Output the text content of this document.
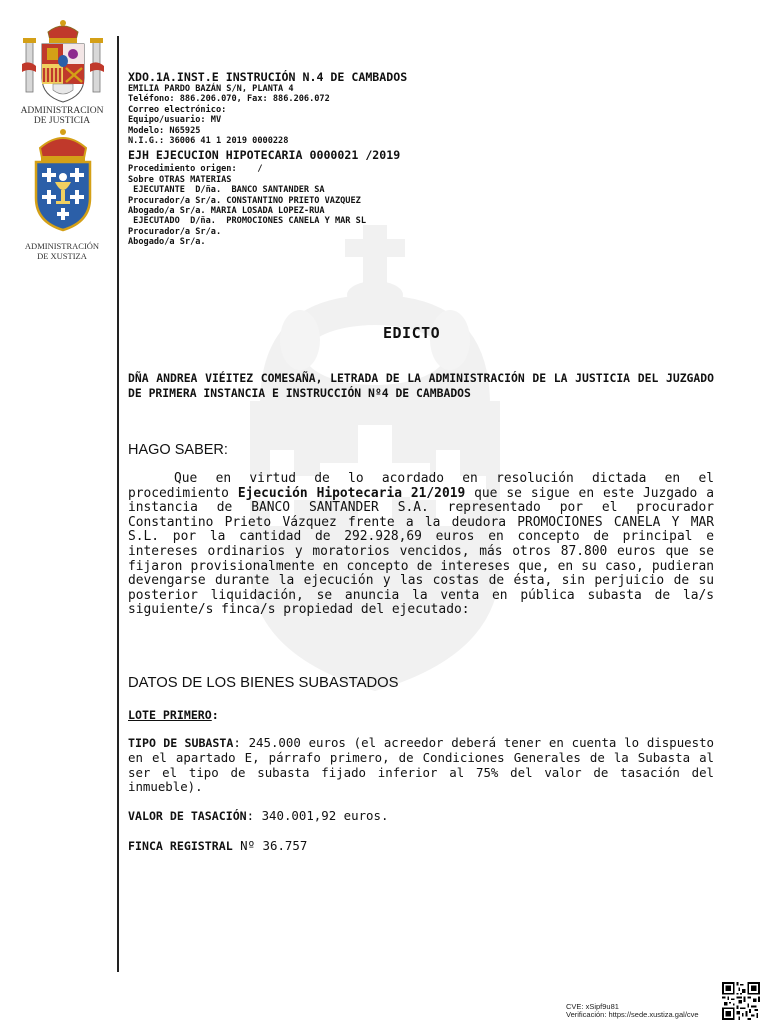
ADMINISTRACION
DE JUSTICIA
ADMINISTRACIÓN
DE XUSTIZA
XDO.1A.INST.E INSTRUCIÓN N.4 DE CAMBADOS
EMILIA PARDO BAZÁN S/N, PLANTA 4
Teléfono: 886.206.070, Fax: 886.206.072
Correo electrónico:
Equipo/usuario: MV
Modelo: N65925
N.I.G.: 36006 41 1 2019 0000228
EJH EJECUCION HIPOTECARIA 0000021 /2019
Procedimiento origen:    /
Sobre OTRAS MATERIAS
EJECUTANTE  D/ña.  BANCO SANTANDER SA
Procurador/a Sr/a. CONSTANTINO PRIETO VAZQUEZ
Abogado/a Sr/a. MARIA LOSADA LOPEZ-RUA
EJECUTADO  D/ña.  PROMOCIONES CANELA Y MAR SL
Procurador/a Sr/a.
Abogado/a Sr/a.
EDICTO
DÑA ANDREA VIÉITEZ COMESAÑA, LETRADA DE LA ADMINISTRACIÓN DE LA JUSTICIA DEL JUZGADO DE PRIMERA INSTANCIA E INSTRUCCIÓN Nº4 DE CAMBADOS
HAGO SABER:
Que en virtud de lo acordado en resolución dictada en el procedimiento Ejecución Hipotecaria 21/2019 que se sigue en este Juzgado a instancia de BANCO SANTANDER S.A. representado por el procurador Constantino Prieto Vázquez frente a la deudora PROMOCIONES CANELA Y MAR S.L. por la cantidad de 292.928,69 euros en concepto de principal e intereses ordinarios y moratorios vencidos, más otros 87.800 euros que se fijaron provisionalmente en concepto de intereses que, en su caso, pudieran devengarse durante la ejecución y las costas de ésta, sin perjuicio de su posterior liquidación, se anuncia la venta en pública subasta de la/s siguiente/s finca/s propiedad del ejecutado:
DATOS DE LOS BIENES SUBASTADOS
LOTE PRIMERO:
TIPO DE SUBASTA: 245.000 euros (el acreedor deberá tener en cuenta lo dispuesto en el apartado E, párrafo primero, de Condiciones Generales de la Subasta al ser el tipo de subasta fijado inferior al 75% del valor de tasación del inmueble).
VALOR DE TASACIÓN: 340.001,92 euros.
FINCA REGISTRAL Nº 36.757
CVE: xSipf9u81
Verificación: https://sede.xustiza.gal/cve
